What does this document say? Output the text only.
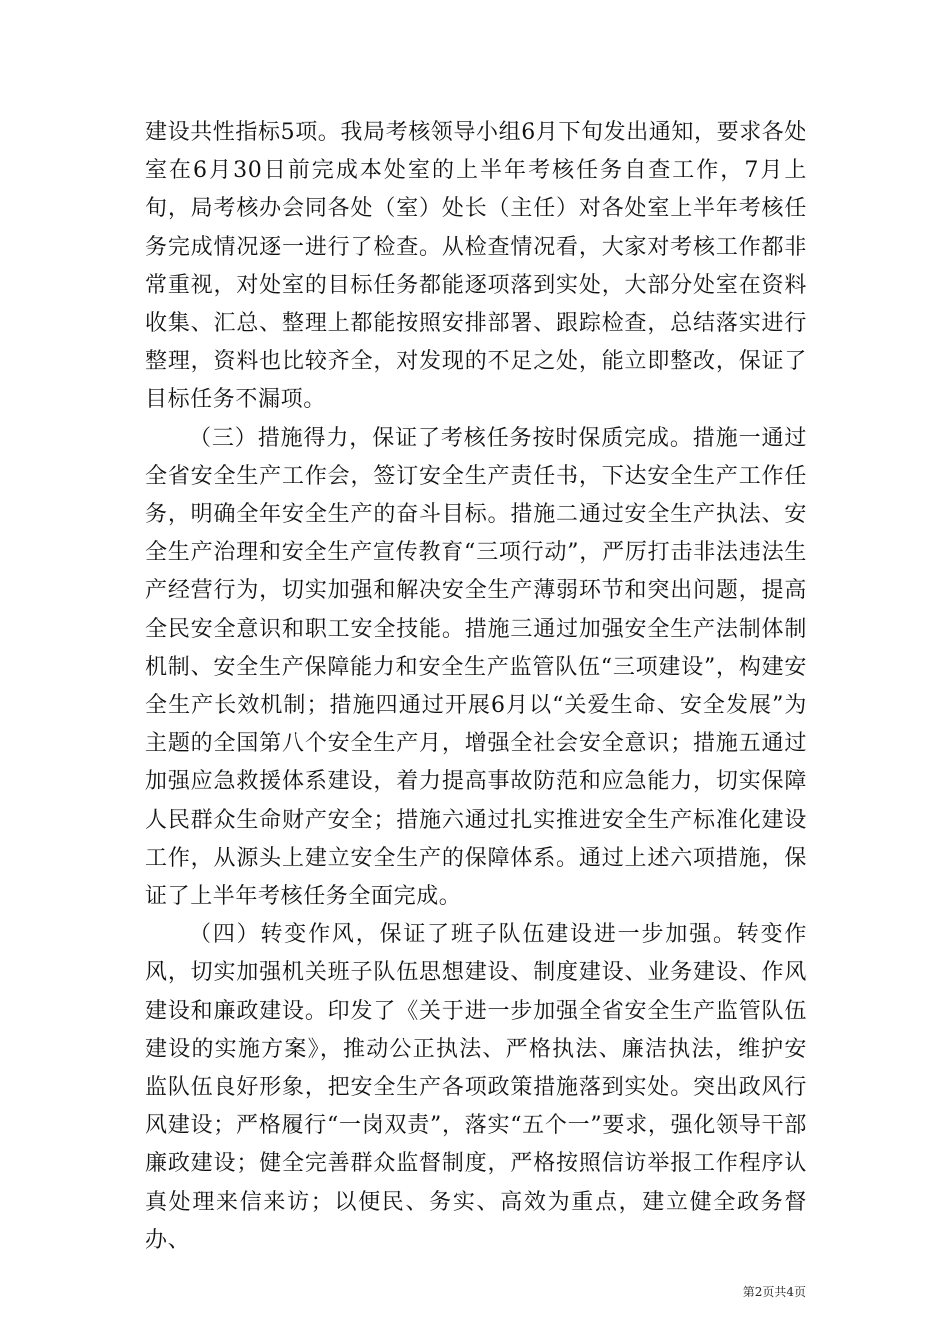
建设共性指标5项。我局考核领导小组6月下旬发出通知，要求各处室在6月30日前完成本处室的上半年考核任务自查工作，7月上旬，局考核办会同各处（室）处长（主任）对各处室上半年考核任务完成情况逐一进行了检查。从检查情况看，大家对考核工作都非常重视，对处室的目标任务都能逐项落到实处，大部分处室在资料收集、汇总、整理上都能按照安排部署、跟踪检查，总结落实进行整理，资料也比较齐全，对发现的不足之处，能立即整改，保证了目标任务不漏项。

（三）措施得力，保证了考核任务按时保质完成。措施一通过全省安全生产工作会，签订安全生产责任书，下达安全生产工作任务，明确全年安全生产的奋斗目标。措施二通过安全生产执法、安全生产治理和安全生产宣传教育“三项行动”，严厉打击非法违法生产经营行为，切实加强和解决安全生产薄弱环节和突出问题，提高全民安全意识和职工安全技能。措施三通过加强安全生产法制体制机制、安全生产保障能力和安全生产监管队伍“三项建设”，构建安全生产长效机制；措施四通过开展6月以“关爱生命、安全发展”为主题的全国第八个安全生产月，增强全社会安全意识；措施五通过加强应急救援体系建设，着力提高事故防范和应急能力，切实保障人民群众生命财产安全；措施六通过扎实推进安全生产标准化建设工作，从源头上建立安全生产的保障体系。通过上述六项措施，保证了上半年考核任务全面完成。

（四）转变作风，保证了班子队伍建设进一步加强。转变作风，切实加强机关班子队伍思想建设、制度建设、业务建设、作风建设和廉政建设。印发了《关于进一步加强全省安全生产监管队伍建设的实施方案》，推动公正执法、严格执法、廉洁执法，维护安监队伍良好形象，把安全生产各项政策措施落到实处。突出政风行风建设；严格履行“一岗双责”，落实“五个一”要求，强化领导干部廉政建设；健全完善群众监督制度，严格按照信访举报工作程序认真处理来信来访；以便民、务实、高效为重点，建立健全政务督办、

第2页共4页
